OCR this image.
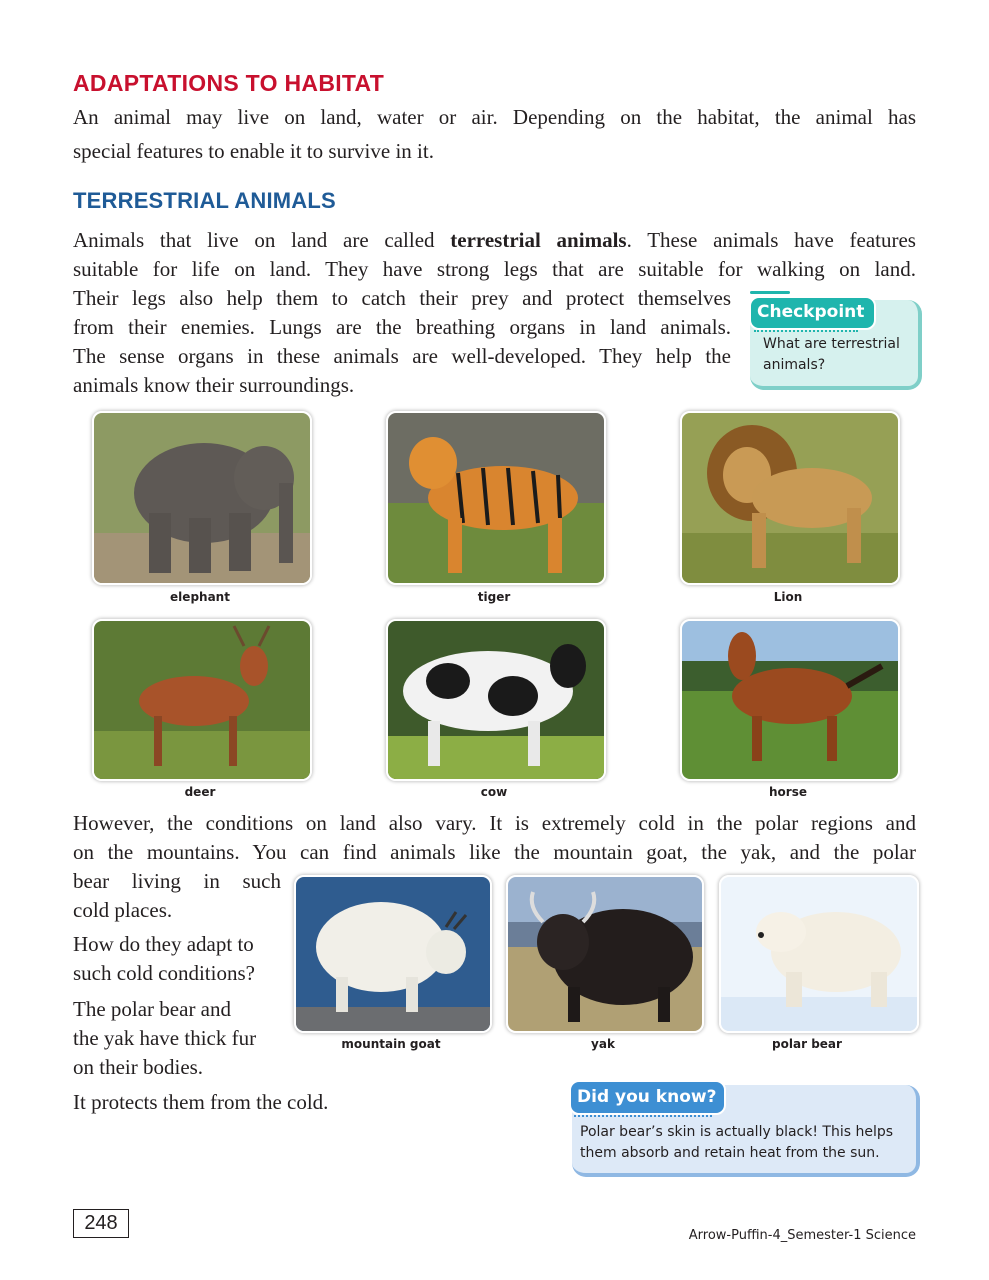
ADAPTATIONS TO HABITAT
An animal may live on land, water or air. Depending on the habitat, the animal has
special features to enable it to survive in it.
TERRESTRIAL ANIMALS
Animals that live on land are called terrestrial animals. These animals have features
suitable for life on land. They have strong legs that are suitable for walking on land.
Their legs also help them to catch their prey and protect themselves
from their enemies. Lungs are the breathing organs in land animals.
The sense organs in these animals are well-developed. They help the
animals know their surroundings.
Checkpoint
What are terrestrial
animals?
elephant	tiger	Lion
deer	cow	horse
However, the conditions on land also vary. It is extremely cold in the polar regions and
on the mountains. You can find animals like the mountain goat, the yak, and the polar
bear living in such
cold places.
How do they adapt to
such cold conditions?
The polar bear and
the yak have thick fur
on their bodies.
It protects them from the cold.
mountain goat	yak	polar bear
Did you know?
Polar bear’s skin is actually black! This helps
them absorb and retain heat from the sun.
248
Arrow-Puffin-4_Semester-1 Science
